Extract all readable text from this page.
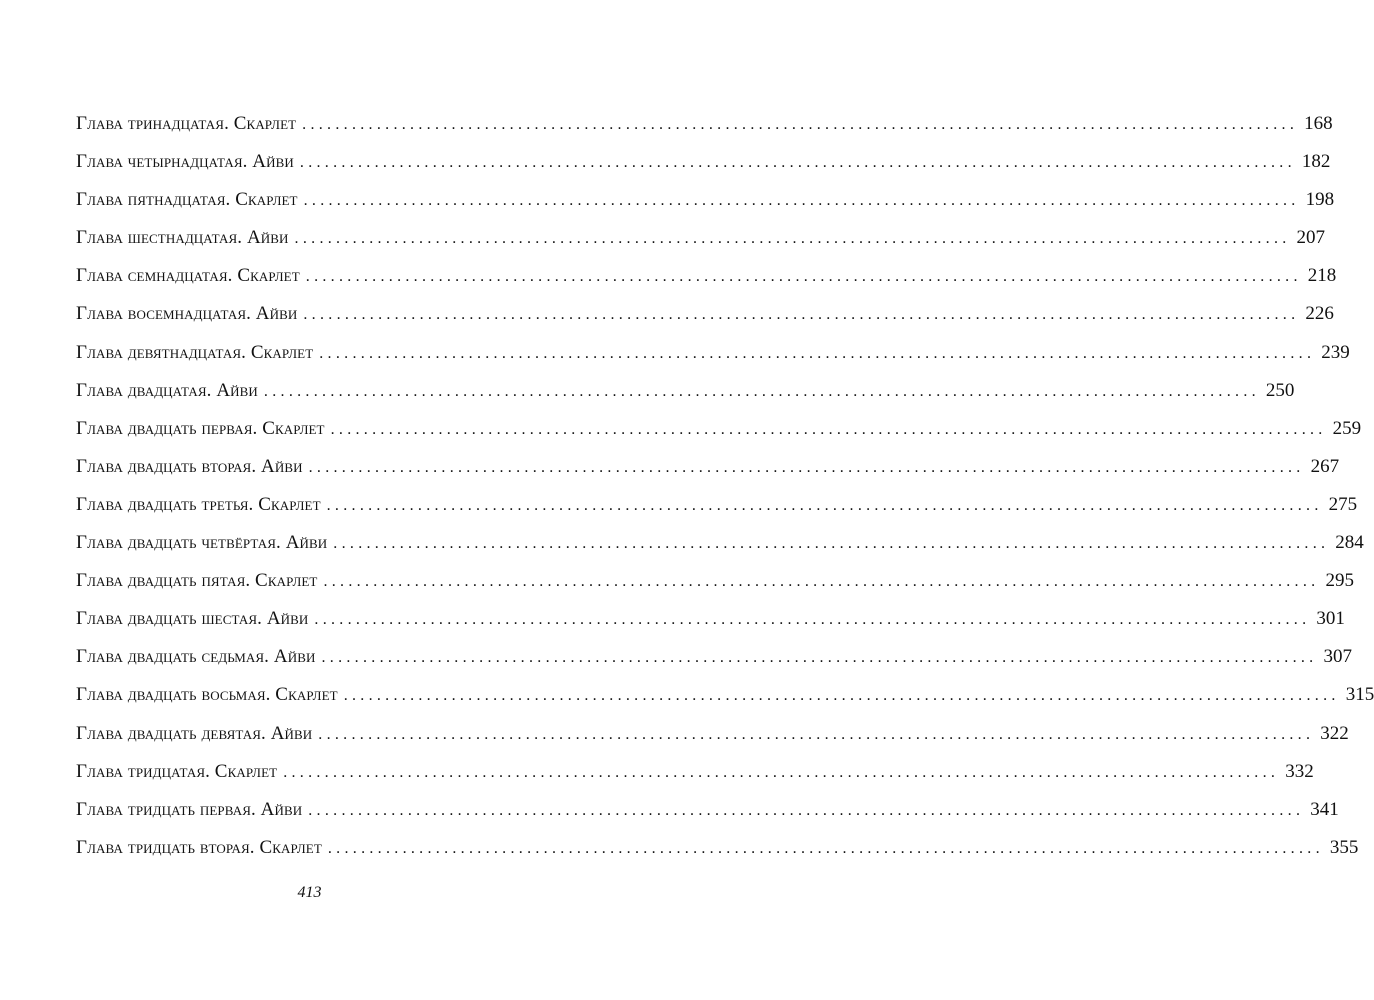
Глава тринадцатая. Скарлет ........................................................................................................................ 168
Глава четырнадцатая. Айви ........................................................................................................................ 182
Глава пятнадцатая. Скарлет ........................................................................................................................ 198
Глава шестнадцатая. Айви ........................................................................................................................ 207
Глава семнадцатая. Скарлет ........................................................................................................................ 218
Глава восемнадцатая. Айви ........................................................................................................................ 226
Глава девятнадцатая. Скарлет ........................................................................................................................ 239
Глава двадцатая. Айви ........................................................................................................................ 250
Глава двадцать первая. Скарлет ........................................................................................................................ 259
Глава двадцать вторая. Айви ........................................................................................................................ 267
Глава двадцать третья. Скарлет ........................................................................................................................ 275
Глава двадцать четвёртая. Айви ........................................................................................................................ 284
Глава двадцать пятая. Скарлет ........................................................................................................................ 295
Глава двадцать шестая. Айви ........................................................................................................................ 301
Глава двадцать седьмая. Айви ........................................................................................................................ 307
Глава двадцать восьмая. Скарлет ........................................................................................................................ 315
Глава двадцать девятая. Айви ........................................................................................................................ 322
Глава тридцатая. Скарлет ........................................................................................................................ 332
Глава тридцать первая. Айви ........................................................................................................................ 341
Глава тридцать вторая. Скарлет ........................................................................................................................ 355
413
